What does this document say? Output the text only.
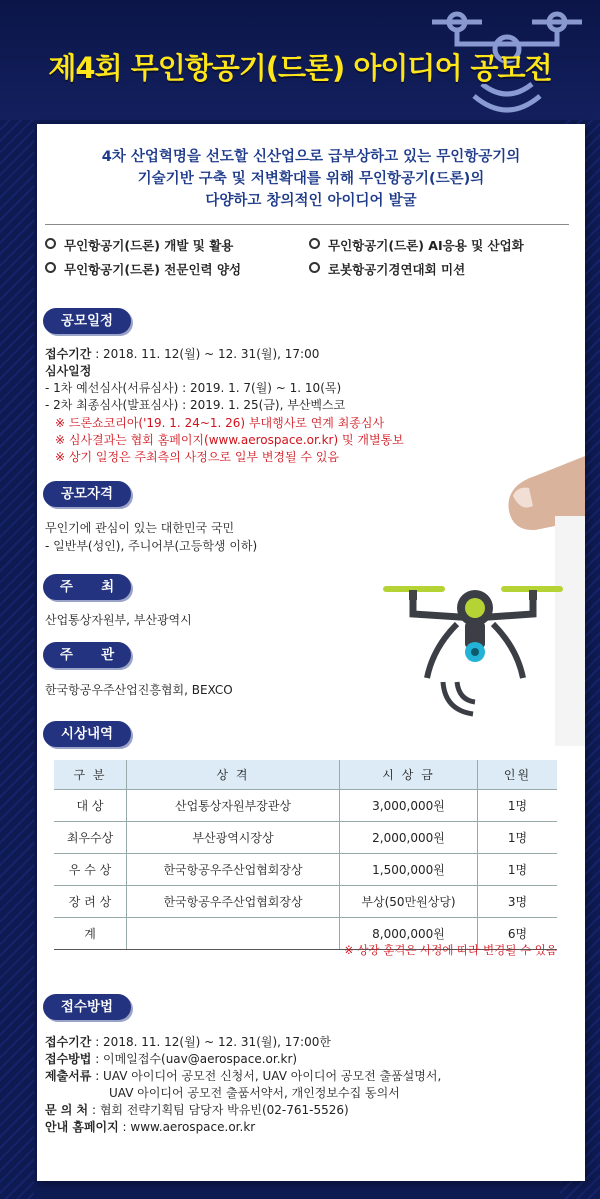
제4회 무인항공기(드론) 아이디어 공모전
4차 산업혁명을 선도할 신산업으로 급부상하고 있는 무인항공기의
기술기반 구축 및 저변확대를 위해 무인항공기(드론)의
다양하고 창의적인 아이디어 발굴
무인항공기(드론) 개발 및 활용	무인항공기(드론) AI응용 및 산업화
무인항공기(드론) 전문인력 양성	로봇항공기경연대회 미션
공모일정
접수기간 : 2018. 11. 12(월) ~ 12. 31(월), 17:00
심사일정
- 1차 예선심사(서류심사) : 2019. 1. 7(월) ~ 1. 10(목)
- 2차 최종심사(발표심사) : 2019. 1. 25(금), 부산벡스코
※ 드론쇼코리아('19. 1. 24~1. 26) 부대행사로 연계 최종심사
※ 심사결과는 협회 홈페이지(www.aerospace.or.kr) 및 개별통보
※ 상기 일정은 주최측의 사정으로 일부 변경될 수 있음
공모자격
무인기에 관심이 있는 대한민국 국민
- 일반부(성인), 주니어부(고등학생 이하)
주      최
산업통상자원부, 부산광역시
주      관
한국항공우주산업진흥협회, BEXCO
시상내역
구 분	상 격	시 상 금	인원
대 상	산업통상자원부장관상	3,000,000원	1명
최우수상	부산광역시장상	2,000,000원	1명
우 수 상	한국항공우주산업협회장상	1,500,000원	1명
장 려 상	한국항공우주산업협회장상	부상(50만원상당)	3명
계		8,000,000원	6명
※ 상장 훈격은 사정에 따라 변경될 수 있음
접수방법
접수기간 : 2018. 11. 12(월) ~ 12. 31(월), 17:00한
접수방법 : 이메일접수(uav@aerospace.or.kr)
제출서류 : UAV 아이디어 공모전 신청서, UAV 아이디어 공모전 출품설명서,
UAV 아이디어 공모전 출품서약서, 개인정보수집 동의서
문 의 처 : 협회 전략기획팀 담당자 박유빈(02-761-5526)
안내 홈페이지 : www.aerospace.or.kr
